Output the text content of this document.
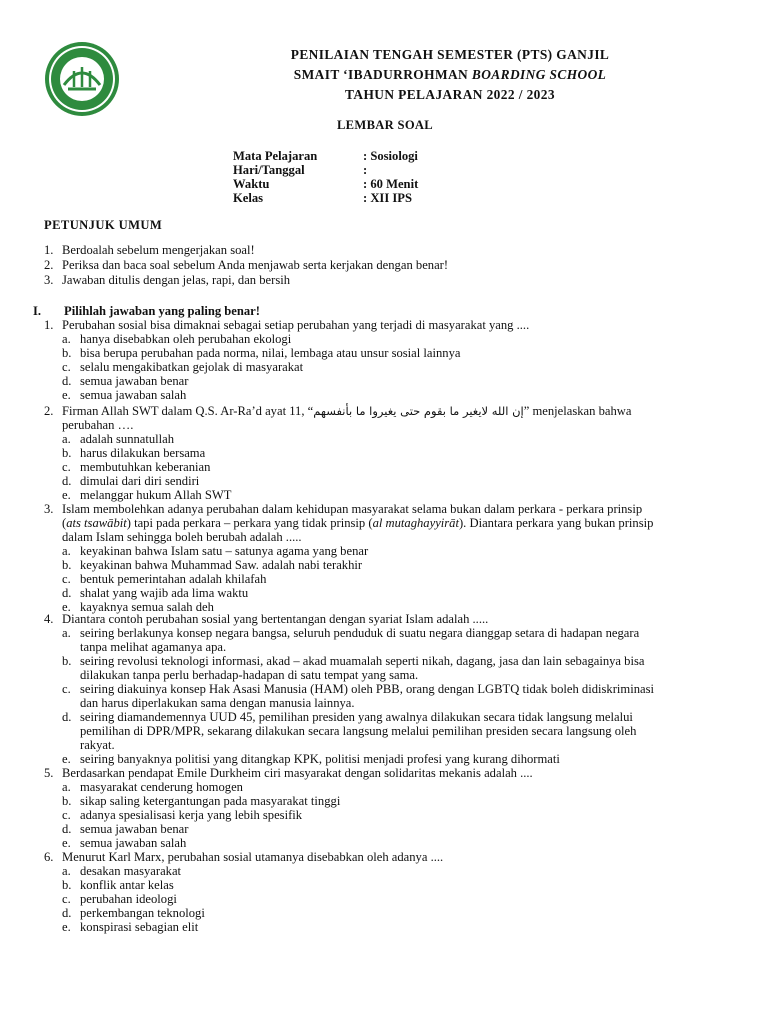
PENILAIAN TENGAH SEMESTER (PTS) GANJIL
SMAIT ‘IBADURROHMAN BOARDING SCHOOL
TAHUN PELAJARAN 2022 / 2023
LEMBAR SOAL
Mata Pelajaran	: Sosiologi
Hari/Tanggal	:
Waktu	: 60 Menit
Kelas	: XII IPS
PETUNJUK UMUM
1. Berdoalah sebelum mengerjakan soal!
2. Periksa dan baca soal sebelum Anda menjawab serta kerjakan dengan benar!
3. Jawaban ditulis dengan jelas, rapi, dan bersih
I. Pilihlah jawaban yang paling benar!
1. Perubahan sosial bisa dimaknai sebagai setiap perubahan yang terjadi di masyarakat yang ....
a. hanya disebabkan oleh perubahan ekologi
b. bisa berupa perubahan pada norma, nilai, lembaga atau unsur sosial lainnya
c. selalu mengakibatkan gejolak di masyarakat
d. semua jawaban benar
e. semua jawaban salah
2. Firman Allah SWT dalam Q.S. Ar-Ra’d ayat 11, “إن الله لايغير ما بقوم حتى يغيروا ما بأنفسهم” menjelaskan bahwa
perubahan ….
a. adalah sunnatullah
b. harus dilakukan bersama
c. membutuhkan keberanian
d. dimulai dari diri sendiri
e. melanggar hukum Allah SWT
3. Islam membolehkan adanya perubahan dalam kehidupan masyarakat selama bukan dalam perkara - perkara prinsip
(ats tsawābit) tapi pada perkara – perkara yang tidak prinsip (al mutaghayyirāt). Diantara perkara yang bukan prinsip
dalam Islam sehingga boleh berubah adalah .....
a. keyakinan bahwa Islam satu – satunya agama yang benar
b. keyakinan bahwa Muhammad Saw. adalah nabi terakhir
c. bentuk pemerintahan adalah khilafah
d. shalat yang wajib ada lima waktu
e. kayaknya semua salah deh
4. Diantara contoh perubahan sosial yang bertentangan dengan syariat Islam adalah .....
a. seiring berlakunya konsep negara bangsa, seluruh penduduk di suatu negara dianggap setara di hadapan negara
tanpa melihat agamanya apa.
b. seiring revolusi teknologi informasi, akad – akad muamalah seperti nikah, dagang, jasa dan lain sebagainya bisa
dilakukan tanpa perlu berhadap-hadapan di satu tempat yang sama.
c. seiring diakuinya konsep Hak Asasi Manusia (HAM) oleh PBB, orang dengan LGBTQ tidak boleh didiskriminasi
dan harus diperlakukan sama dengan manusia lainnya.
d. seiring diamandemennya UUD 45, pemilihan presiden yang awalnya dilakukan secara tidak langsung melalui
pemilihan di DPR/MPR, sekarang dilakukan secara langsung melalui pemilihan presiden secara langsung oleh
rakyat.
e. seiring banyaknya politisi yang ditangkap KPK, politisi menjadi profesi yang kurang dihormati
5. Berdasarkan pendapat Emile Durkheim ciri masyarakat dengan solidaritas mekanis adalah ....
a. masyarakat cenderung homogen
b. sikap saling ketergantungan pada masyarakat tinggi
c. adanya spesialisasi kerja yang lebih spesifik
d. semua jawaban benar
e. semua jawaban salah
6. Menurut Karl Marx, perubahan sosial utamanya disebabkan oleh adanya ....
a. desakan masyarakat
b. konflik antar kelas
c. perubahan ideologi
d. perkembangan teknologi
e. konspirasi sebagian elit
